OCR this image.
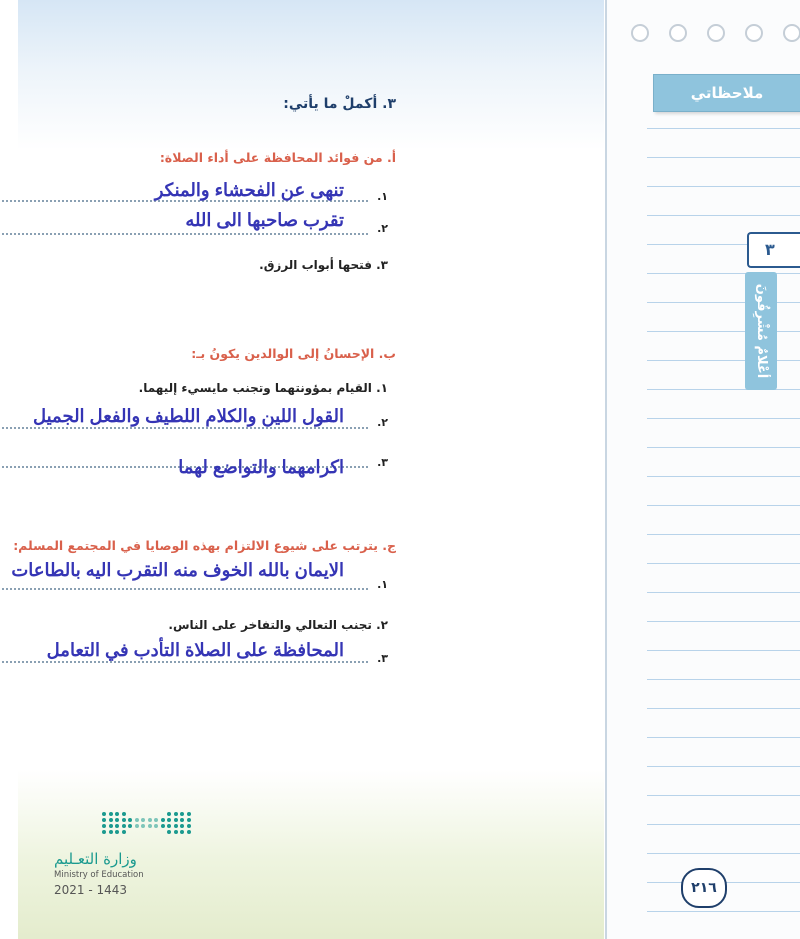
٣. أكملْ ما يأتي:
أ. من فوائد المحافظة على أداء الصلاة:
١.
تنهى عن الفحشاء والمنكر
٢.
تقرب صاحبها الى الله
٣. فتحها أبواب الرزق.
ب. الإحسانُ إلى الوالدين يكونُ بـ:
١. القيام بمؤونتهما وتجنب مايسيء إليهما.
٢.
القول اللين والكلام اللطيف والفعل الجميل
٣.
اكرامهما والتواضع لهما
ج. يترتب على شيوع الالتزام بهذه الوصايا في المجتمع المسلم:
١.
الايمان بالله الخوف منه التقرب اليه بالطاعات
٢. تجنب التعالي والتفاخر على الناس.
٣.
المحافظة على الصلاة التأدب في التعامل
وزارة التعـليم
Ministry of Education
2021 - 1443
ملاحظاتي
٣
أعْلامٌ مُشْرِقُونَ
٢١٦
